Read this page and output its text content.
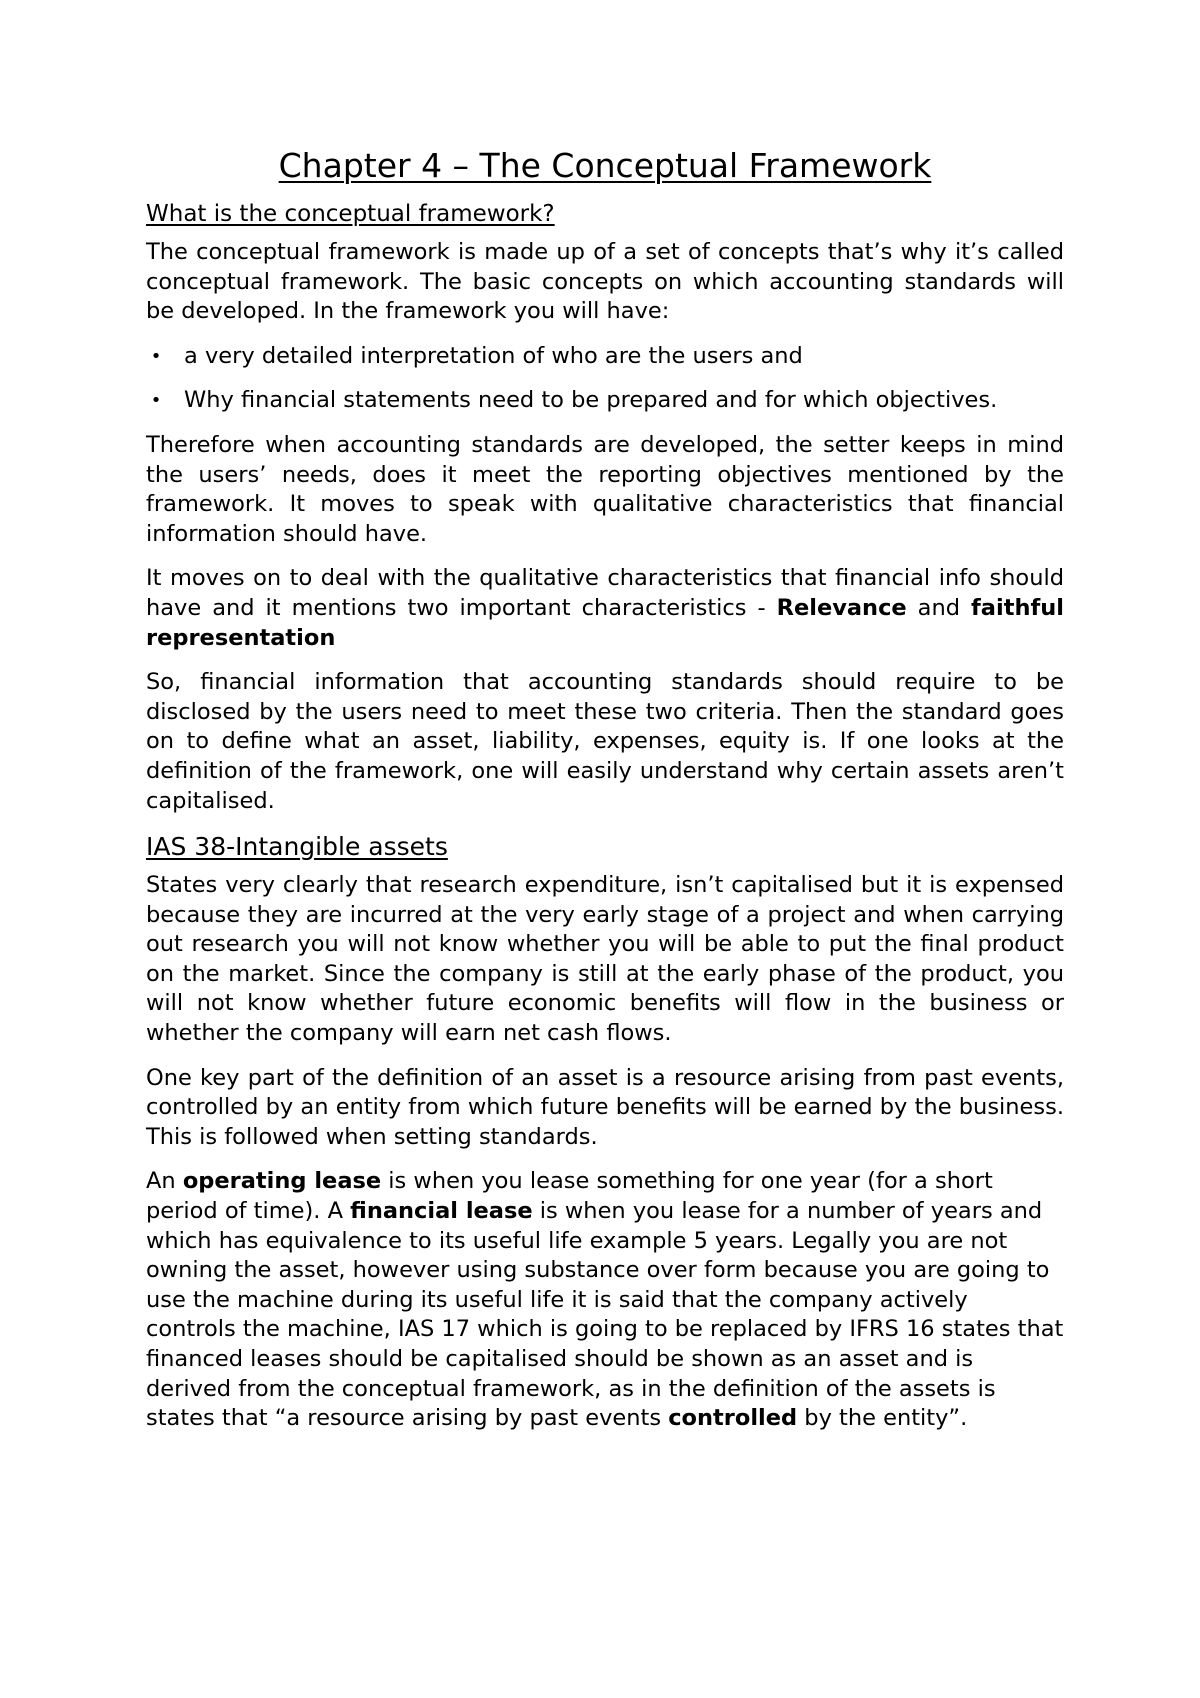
Chapter 4 – The Conceptual Framework
What is the conceptual framework?

The conceptual framework is made up of a set of concepts that’s why it’s called conceptual framework. The basic concepts on which accounting standards will be developed. In the framework you will have:

• a very detailed interpretation of who are the users and
• Why financial statements need to be prepared and for which objectives.

Therefore when accounting standards are developed, the setter keeps in mind the users’ needs, does it meet the reporting objectives mentioned by the framework. It moves to speak with qualitative characteristics that financial information should have.

It moves on to deal with the qualitative characteristics that financial info should have and it mentions two important characteristics - Relevance and faithful representation

So, financial information that accounting standards should require to be disclosed by the users need to meet these two criteria. Then the standard goes on to define what an asset, liability, expenses, equity is. If one looks at the definition of the framework, one will easily understand why certain assets aren’t capitalised.

IAS 38-Intangible assets

States very clearly that research expenditure, isn’t capitalised but it is expensed because they are incurred at the very early stage of a project and when carrying out research you will not know whether you will be able to put the final product on the market. Since the company is still at the early phase of the product, you will not know whether future economic benefits will flow in the business or whether the company will earn net cash flows.

One key part of the definition of an asset is a resource arising from past events, controlled by an entity from which future benefits will be earned by the business. This is followed when setting standards.

An operating lease is when you lease something for one year (for a short period of time). A financial lease is when you lease for a number of years and which has equivalence to its useful life example 5 years. Legally you are not owning the asset, however using substance over form because you are going to use the machine during its useful life it is said that the company actively controls the machine, IAS 17 which is going to be replaced by IFRS 16 states that financed leases should be capitalised should be shown as an asset and is derived from the conceptual framework, as in the definition of the assets is states that “a resource arising by past events controlled by the entity”.
